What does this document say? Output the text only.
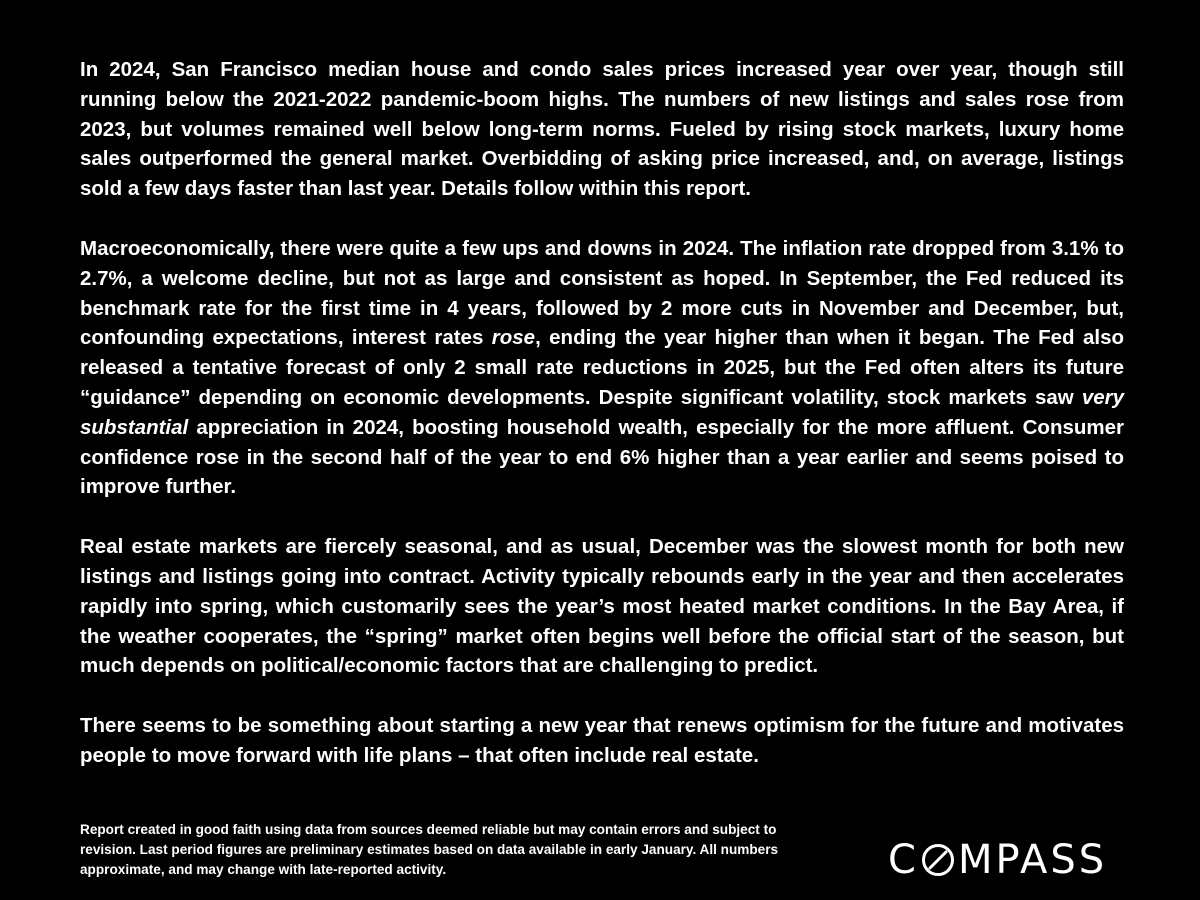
In 2024, San Francisco median house and condo sales prices increased year over year, though still running below the 2021-2022 pandemic-boom highs. The numbers of new listings and sales rose from 2023, but volumes remained well below long-term norms. Fueled by rising stock markets, luxury home sales outperformed the general market. Overbidding of asking price increased, and, on average, listings sold a few days faster than last year. Details follow within this report.

Macroeconomically, there were quite a few ups and downs in 2024. The inflation rate dropped from 3.1% to 2.7%, a welcome decline, but not as large and consistent as hoped. In September, the Fed reduced its benchmark rate for the first time in 4 years, followed by 2 more cuts in November and December, but, confounding expectations, interest rates rose, ending the year higher than when it began. The Fed also released a tentative forecast of only 2 small rate reductions in 2025, but the Fed often alters its future “guidance” depending on economic developments. Despite significant volatility, stock markets saw very substantial appreciation in 2024, boosting household wealth, especially for the more affluent. Consumer confidence rose in the second half of the year to end 6% higher than a year earlier and seems poised to improve further.

Real estate markets are fiercely seasonal, and as usual, December was the slowest month for both new listings and listings going into contract. Activity typically rebounds early in the year and then accelerates rapidly into spring, which customarily sees the year’s most heated market conditions. In the Bay Area, if the weather cooperates, the “spring” market often begins well before the official start of the season, but much depends on political/economic factors that are challenging to predict.

There seems to be something about starting a new year that renews optimism for the future and motivates people to move forward with life plans – that often include real estate.

Report created in good faith using data from sources deemed reliable but may contain errors and subject to revision. Last period figures are preliminary estimates based on data available in early January. All numbers approximate, and may change with late-reported activity.	C MPASS
